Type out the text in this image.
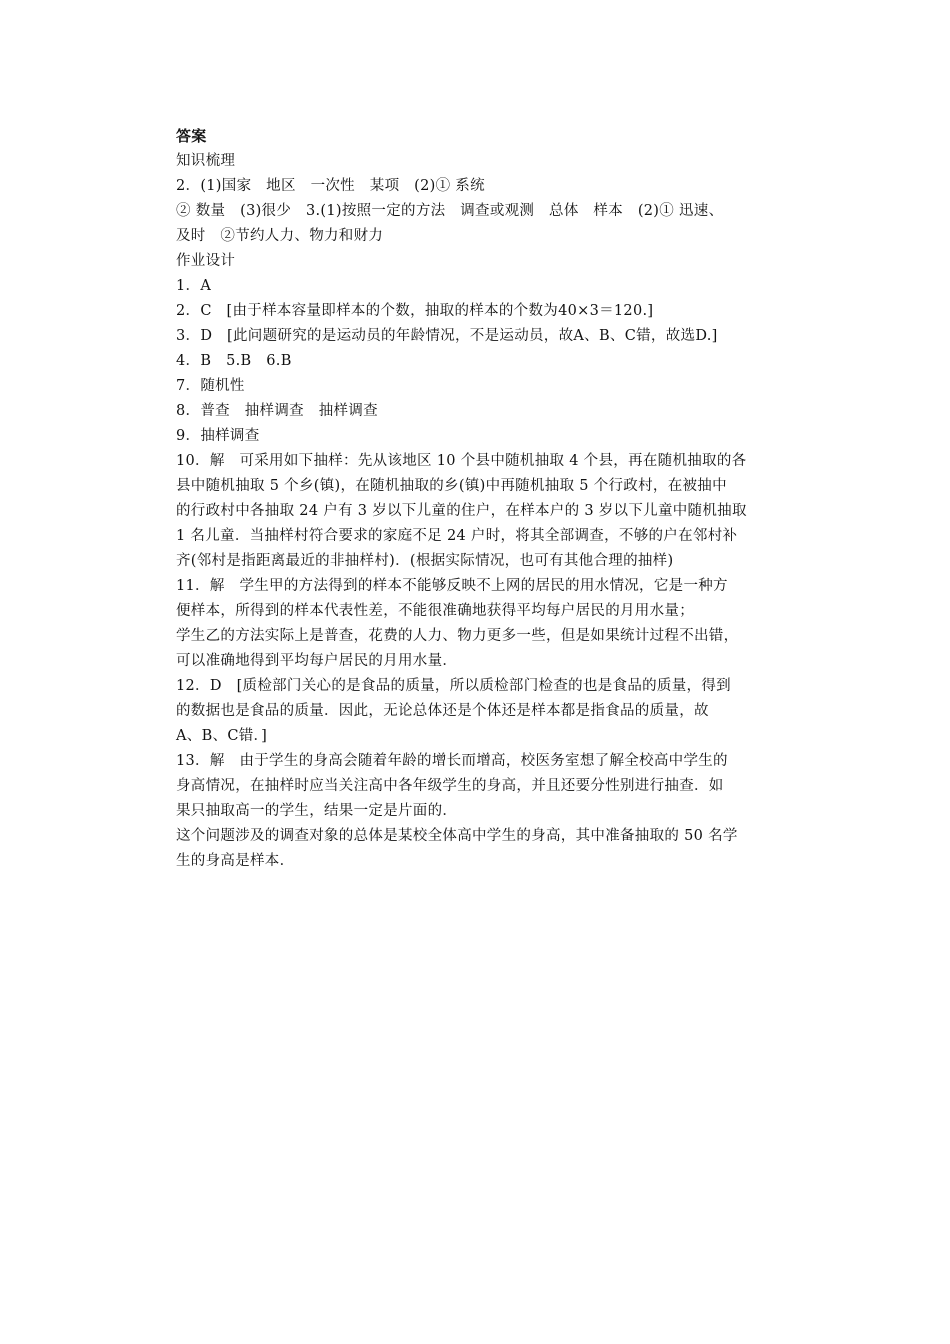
答案
知识梳理
2．(1)国家　地区　一次性　某项　(2)① 系统
② 数量　(3)很少　3.(1)按照一定的方法　调查或观测　总体　样本　(2)① 迅速、
及时　②节约人力、物力和财力
作业设计
1．A
2．C　[由于样本容量即样本的个数，抽取的样本的个数为40×3＝120.]
3．D　[此问题研究的是运动员的年龄情况，不是运动员，故A、B、C错，故选D.]
4．B　5.B　6.B
7．随机性
8．普查　抽样调查　抽样调查
9．抽样调查
10．解　可采用如下抽样：先从该地区 10 个县中随机抽取 4 个县，再在随机抽取的各
县中随机抽取 5 个乡(镇)，在随机抽取的乡(镇)中再随机抽取 5 个行政村，在被抽中
的行政村中各抽取 24 户有 3 岁以下儿童的住户，在样本户的 3 岁以下儿童中随机抽取
1 名儿童．当抽样村符合要求的家庭不足 24 户时，将其全部调查，不够的户在邻村补
齐(邻村是指距离最近的非抽样村)．(根据实际情况，也可有其他合理的抽样)
11．解　学生甲的方法得到的样本不能够反映不上网的居民的用水情况，它是一种方
便样本，所得到的样本代表性差，不能很准确地获得平均每户居民的月用水量；
学生乙的方法实际上是普查，花费的人力、物力更多一些，但是如果统计过程不出错，
可以准确地得到平均每户居民的月用水量．
12．D　[质检部门关心的是食品的质量，所以质检部门检查的也是食品的质量，得到
的数据也是食品的质量．因此，无论总体还是个体还是样本都是指食品的质量，故
A、B、C错．]
13．解　由于学生的身高会随着年龄的增长而增高，校医务室想了解全校高中学生的
身高情况，在抽样时应当关注高中各年级学生的身高，并且还要分性别进行抽查．如
果只抽取高一的学生，结果一定是片面的．
这个问题涉及的调查对象的总体是某校全体高中学生的身高，其中准备抽取的 50 名学
生的身高是样本．
